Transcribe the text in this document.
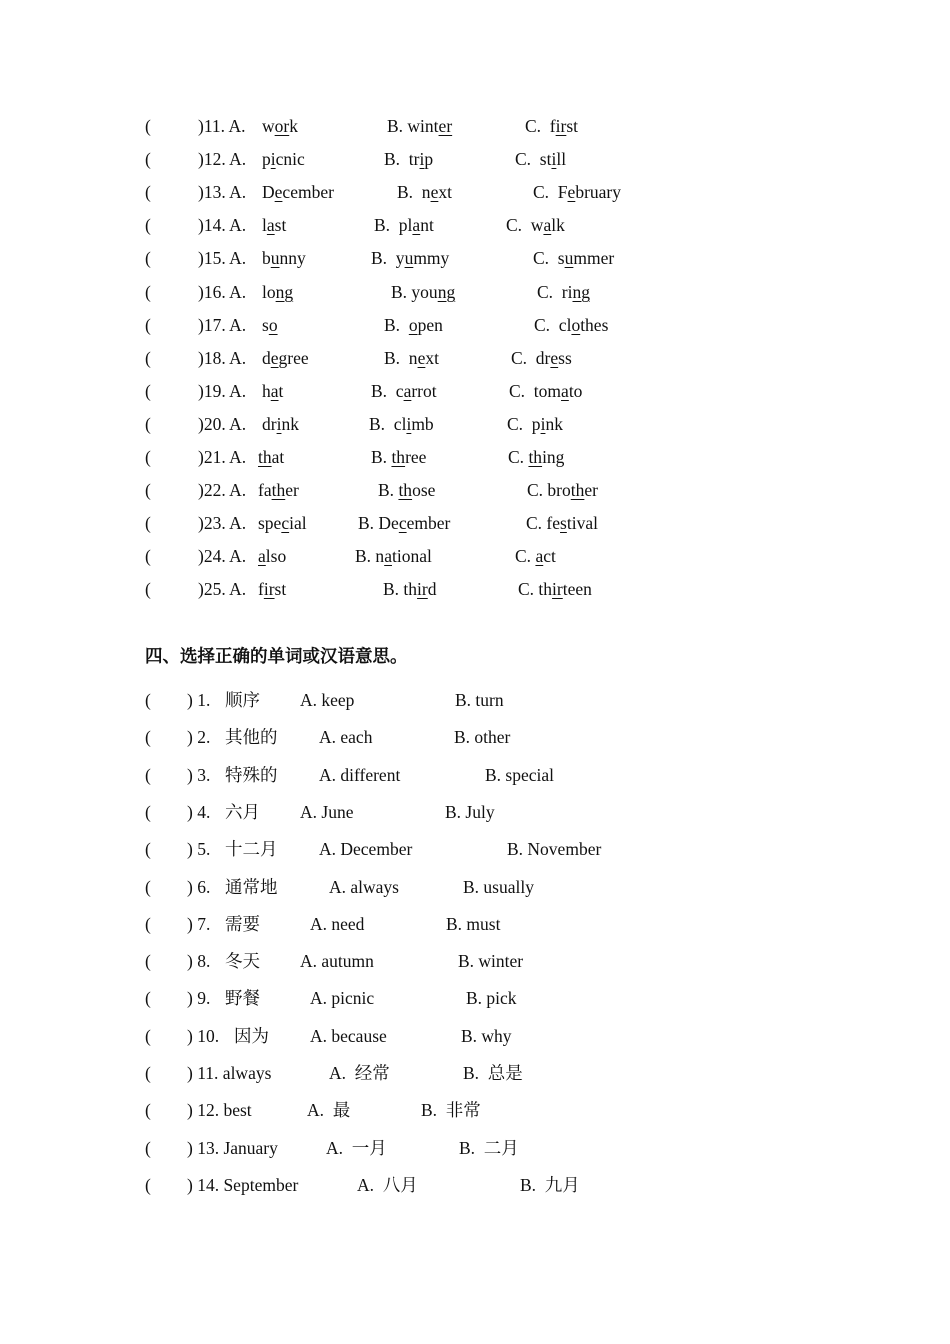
(	)11. A. work	B. winter	C.  first
(	)12. A. picnic	B.  trip	C.  still
(	)13. A. December	B.  next	C.  February
(	)14. A. last	B.  plant	C.  walk
(	)15. A. bunny	B.  yummy	C.  summer
(	)16. A. long	B. young	C.  ring
(	)17. A. so	B.  open	C.  clothes
(	)18. A. degree	B.  next	C.  dress
(	)19. A. hat	B.  carrot	C.  tomato
(	)20. A. drink	B.  climb	C.  pink
(	)21. A. that	B. three	C. thing
(	)22. A. father	B. those	C. brother
(	)23. A. special	B. December	C. festival
(	)24. A. also	B. national	C. act
(	)25. A. first	B. third	C. thirteen
四、选择正确的单词或汉语意思。
( ) 1. 顺序 A. keep	B. turn
( ) 2. 其他的 A. each	B. other
( ) 3. 特殊的 A. different	B. special
( ) 4. 六月 A. June	B. July
( ) 5. 十二月 A. December	B. November
( ) 6. 通常地	A. always	B. usually
( ) 7. 需要	A. need	B. must
( ) 8. 冬天 A. autumn	B. winter
( ) 9. 野餐	A. picnic	B. pick
( ) 10. 因为 A. because	B. why
( ) 11. always	A.  经常	B.  总是
( ) 12. best	A.  最	B.  非常
( ) 13. January	A.  一月	B.  二月
( ) 14. September	A.  八月	B.  九月
